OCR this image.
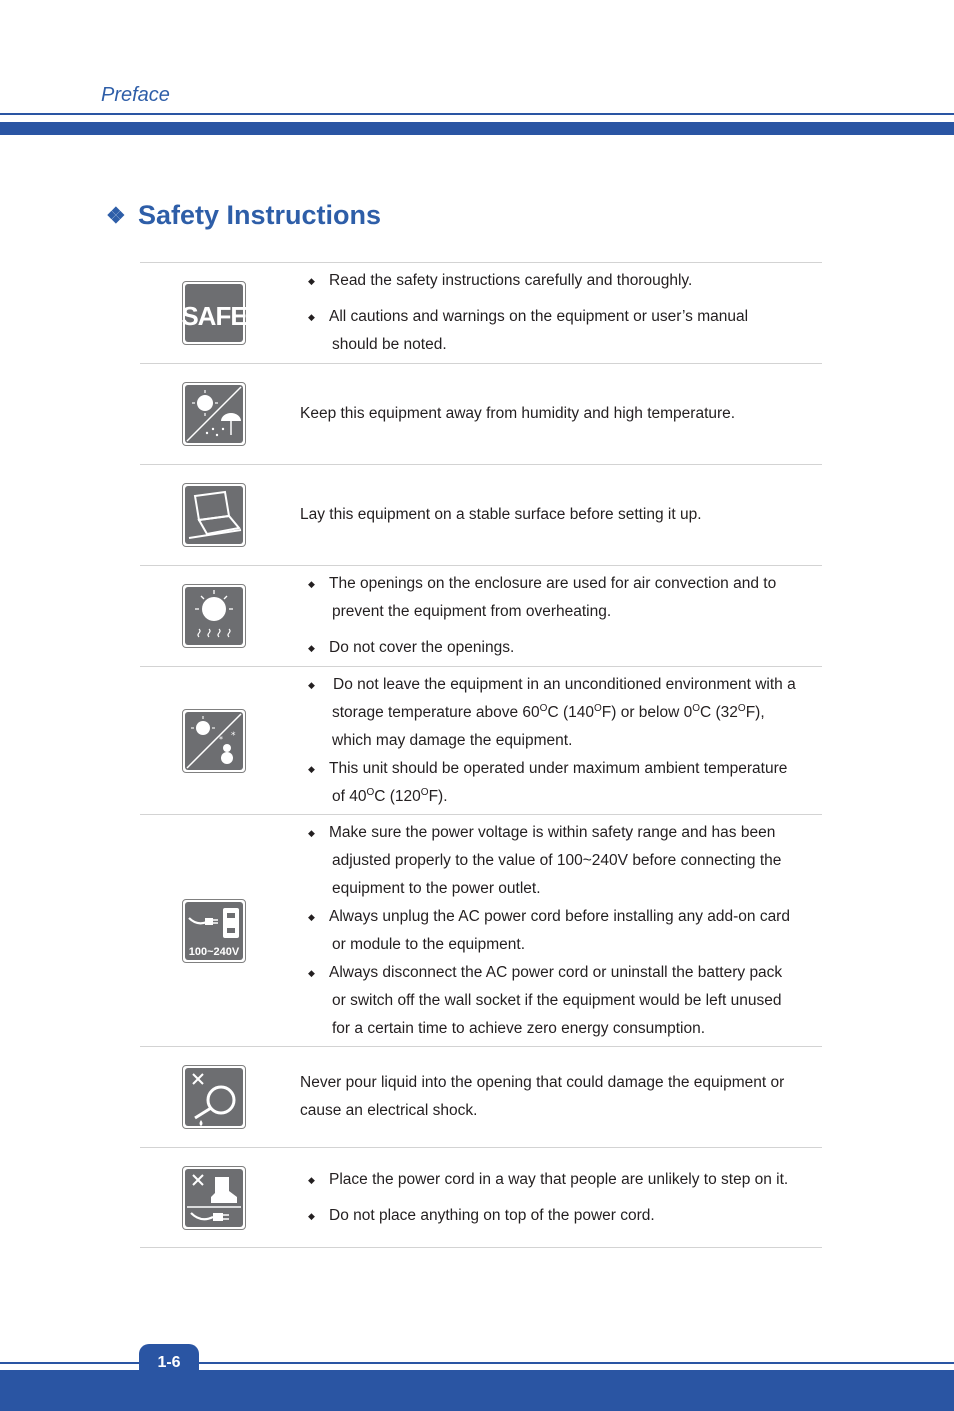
Preface
❖ Safety Instructions
SAFE
◆ Read the safety instructions carefully and thoroughly.
◆ All cautions and warnings on the equipment or user’s manual
should be noted.
Keep this equipment away from humidity and high temperature.
Lay this equipment on a stable surface before setting it up.
◆ The openings on the enclosure are used for air convection and to
prevent the equipment from overheating.
◆ Do not cover the openings.
*
*
◆ Do not leave the equipment in an unconditioned environment with a
storage temperature above $60^OC$ $(140^OF)$ or below $0^OC$ $(32^OF)$,
which may damage the equipment.
◆ This unit should be operated under maximum ambient temperature
of $40^OC$ $(120^OF)$.
100~240V
◆ Make sure the power voltage is within safety range and has been
adjusted properly to the value of 100~240V before connecting the
equipment to the power outlet.
◆ Always unplug the AC power cord before installing any add-on card
or module to the equipment.
◆ Always disconnect the AC power cord or uninstall the battery pack
or switch off the wall socket if the equipment would be left unused
for a certain time to achieve zero energy consumption.
Never pour liquid into the opening that could damage the equipment or
cause an electrical shock.
◆ Place the power cord in a way that people are unlikely to step on it.
◆ Do not place anything on top of the power cord.
1-6
